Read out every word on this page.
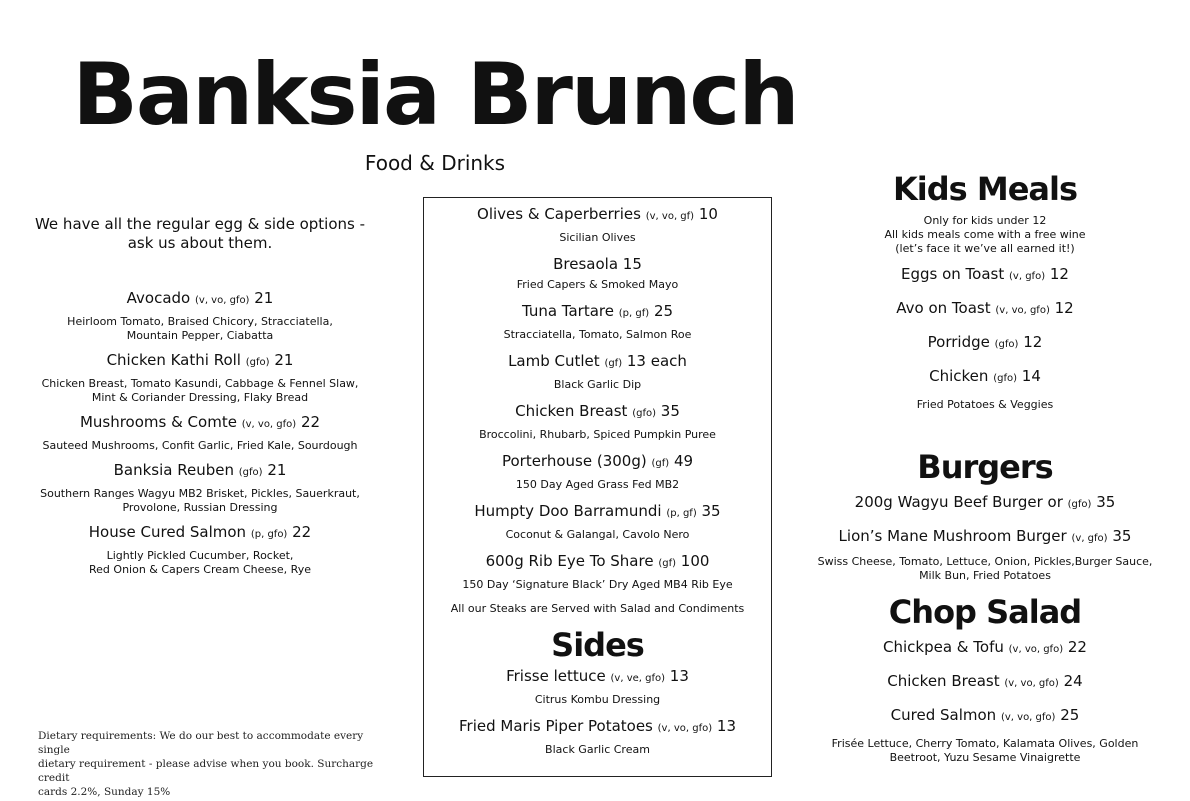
Banksia Brunch
Food & Drinks
We have all the regular egg & side options -
ask us about them.
Avocado (v, vo, gfo) 21
Heirloom Tomato, Braised Chicory, Stracciatella,
Mountain Pepper, Ciabatta
Chicken Kathi Roll (gfo) 21
Chicken Breast, Tomato Kasundi, Cabbage & Fennel Slaw,
Mint & Coriander Dressing, Flaky Bread
Mushrooms & Comte (v, vo, gfo) 22
Sauteed Mushrooms, Confit Garlic, Fried Kale, Sourdough
Banksia Reuben (gfo) 21
Southern Ranges Wagyu MB2 Brisket, Pickles, Sauerkraut,
Provolone, Russian Dressing
House Cured Salmon (p, gfo) 22
Lightly Pickled Cucumber, Rocket,
Red Onion & Capers Cream Cheese, Rye
Olives & Caperberries (v, vo, gf) 10
Sicilian Olives
Bresaola 15
Fried Capers & Smoked Mayo
Tuna Tartare (p, gf) 25
Stracciatella, Tomato, Salmon Roe
Lamb Cutlet (gf) 13 each
Black Garlic Dip
Chicken Breast (gfo) 35
Broccolini, Rhubarb, Spiced Pumpkin Puree
Porterhouse (300g) (gf) 49
150 Day Aged Grass Fed MB2
Humpty Doo Barramundi (p, gf) 35
Coconut & Galangal, Cavolo Nero
600g Rib Eye To Share (gf) 100
150 Day ‘Signature Black’ Dry Aged MB4 Rib Eye
All our Steaks are Served with Salad and Condiments
Sides
Frisse lettuce (v, ve, gfo) 13
Citrus Kombu Dressing
Fried Maris Piper Potatoes (v, vo, gfo) 13
Black Garlic Cream
Kids Meals
Only for kids under 12
All kids meals come with a free wine
(let’s face it we’ve all earned it!)
Eggs on Toast (v, gfo) 12
Avo on Toast (v, vo, gfo) 12
Porridge (gfo) 12
Chicken (gfo) 14
Fried Potatoes & Veggies
Burgers
200g Wagyu Beef Burger or (gfo) 35
Lion’s Mane Mushroom Burger (v, gfo) 35
Swiss Cheese, Tomato, Lettuce, Onion, Pickles,Burger Sauce,
Milk Bun, Fried Potatoes
Chop Salad
Chickpea & Tofu (v, vo, gfo) 22
Chicken Breast (v, vo, gfo) 24
Cured Salmon (v, vo, gfo) 25
Frisée Lettuce, Cherry Tomato, Kalamata Olives, Golden
Beetroot, Yuzu Sesame Vinaigrette
Dietary requirements: We do our best to accommodate every single
dietary requirement - please advise when you book. Surcharge credit
cards 2.2%, Sunday 15%
